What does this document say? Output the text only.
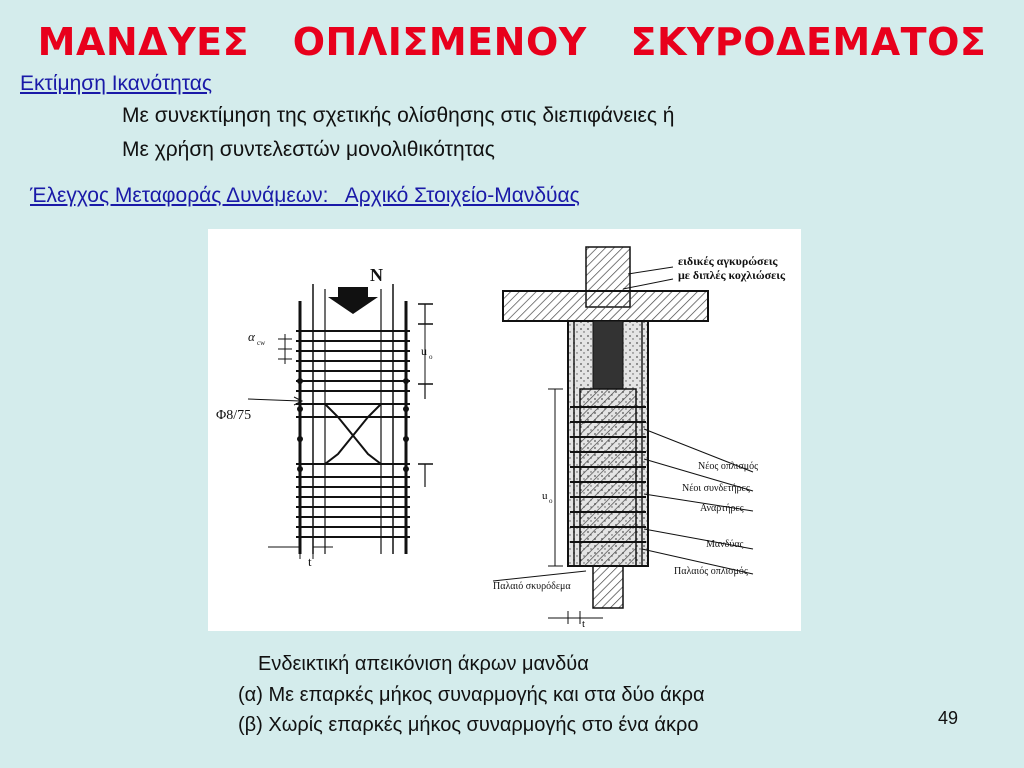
ΜΑΝΔΥΕΣ ΟΠΛΙΣΜΕΝΟΥ ΣΚΥΡΟΔΕΜΑΤΟΣ
Εκτίμηση Ικανότητας
Με συνεκτίμηση της σχετικής ολίσθησης στις διεπιφάνειες ή
Με χρήση συντελεστών μονολιθικότητας
Έλεγχος Μεταφοράς Δυνάμεων:   Αρχικό Στοιχείο-Μανδύας
N
α cw
Φ8/75
u o
t
ειδικές αγκυρώσεις
με διπλές κοχλιώσεις
Νέος οπλισμός
Νέοι συνδετήρες
Αναρτήρες
Μανδύας
Παλαιός οπλισμός
Παλαιό σκυρόδεμα
u o
t
Ενδεικτική απεικόνιση άκρων μανδύα
(α) Με επαρκές μήκος συναρμογής και στα δύο άκρα
(β) Χωρίς επαρκές μήκος συναρμογής στο ένα άκρο	49
